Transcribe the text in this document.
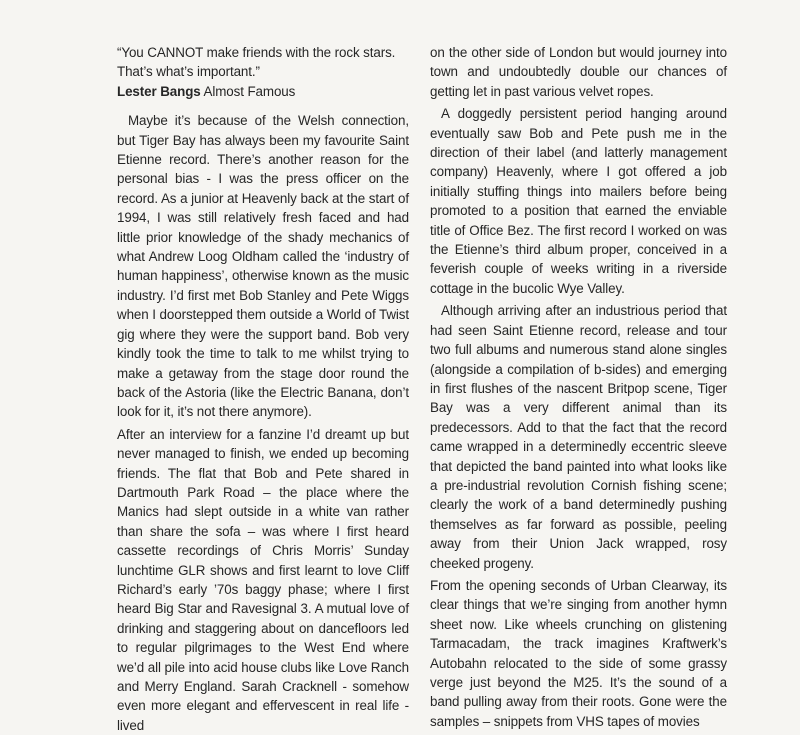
“You CANNOT make friends with the rock stars. That’s what’s important.”

Lester Bangs Almost Famous

Maybe it’s because of the Welsh connection, but Tiger Bay has always been my favourite Saint Etienne record. There’s another reason for the personal bias - I was the press officer on the record. As a junior at Heavenly back at the start of 1994, I was still relatively fresh faced and had little prior knowledge of the shady mechanics of what Andrew Loog Oldham called the ‘industry of human happiness’, otherwise known as the music industry. I’d first met Bob Stanley and Pete Wiggs when I doorstepped them outside a World of Twist gig where they were the support band. Bob very kindly took the time to talk to me whilst trying to make a getaway from the stage door round the back of the Astoria (like the Electric Banana, don’t look for it, it’s not there anymore).

After an interview for a fanzine I’d dreamt up but never managed to finish, we ended up becoming friends. The flat that Bob and Pete shared in Dartmouth Park Road – the place where the Manics had slept outside in a white van rather than share the sofa – was where I first heard cassette recordings of Chris Morris’ Sunday lunchtime GLR shows and first learnt to love Cliff Richard’s early ’70s baggy phase; where I first heard Big Star and Ravesignal 3. A mutual love of drinking and staggering about on dancefloors led to regular pilgrimages to the West End where we’d all pile into acid house clubs like Love Ranch and Merry England. Sarah Cracknell - somehow even more elegant and effervescent in real life - lived

on the other side of London but would journey into town and undoubtedly double our chances of getting let in past various velvet ropes.

A doggedly persistent period hanging around eventually saw Bob and Pete push me in the direction of their label (and latterly management company) Heavenly, where I got offered a job initially stuffing things into mailers before being promoted to a position that earned the enviable title of Office Bez. The first record I worked on was the Etienne’s third album proper, conceived in a feverish couple of weeks writing in a riverside cottage in the bucolic Wye Valley.

Although arriving after an industrious period that had seen Saint Etienne record, release and tour two full albums and numerous stand alone singles (alongside a compilation of b-sides) and emerging in first flushes of the nascent Britpop scene, Tiger Bay was a very different animal than its predecessors. Add to that the fact that the record came wrapped in a determinedly eccentric sleeve that depicted the band painted into what looks like a pre-industrial revolution Cornish fishing scene; clearly the work of a band determinedly pushing themselves as far forward as possible, peeling away from their Union Jack wrapped, rosy cheeked progeny.

From the opening seconds of Urban Clearway, its clear things that we’re singing from another hymn sheet now. Like wheels crunching on glistening Tarmacadam, the track imagines Kraftwerk’s Autobahn relocated to the side of some grassy verge just beyond the M25. It’s the sound of a band pulling away from their roots. Gone were the samples – snippets from VHS tapes of movies
